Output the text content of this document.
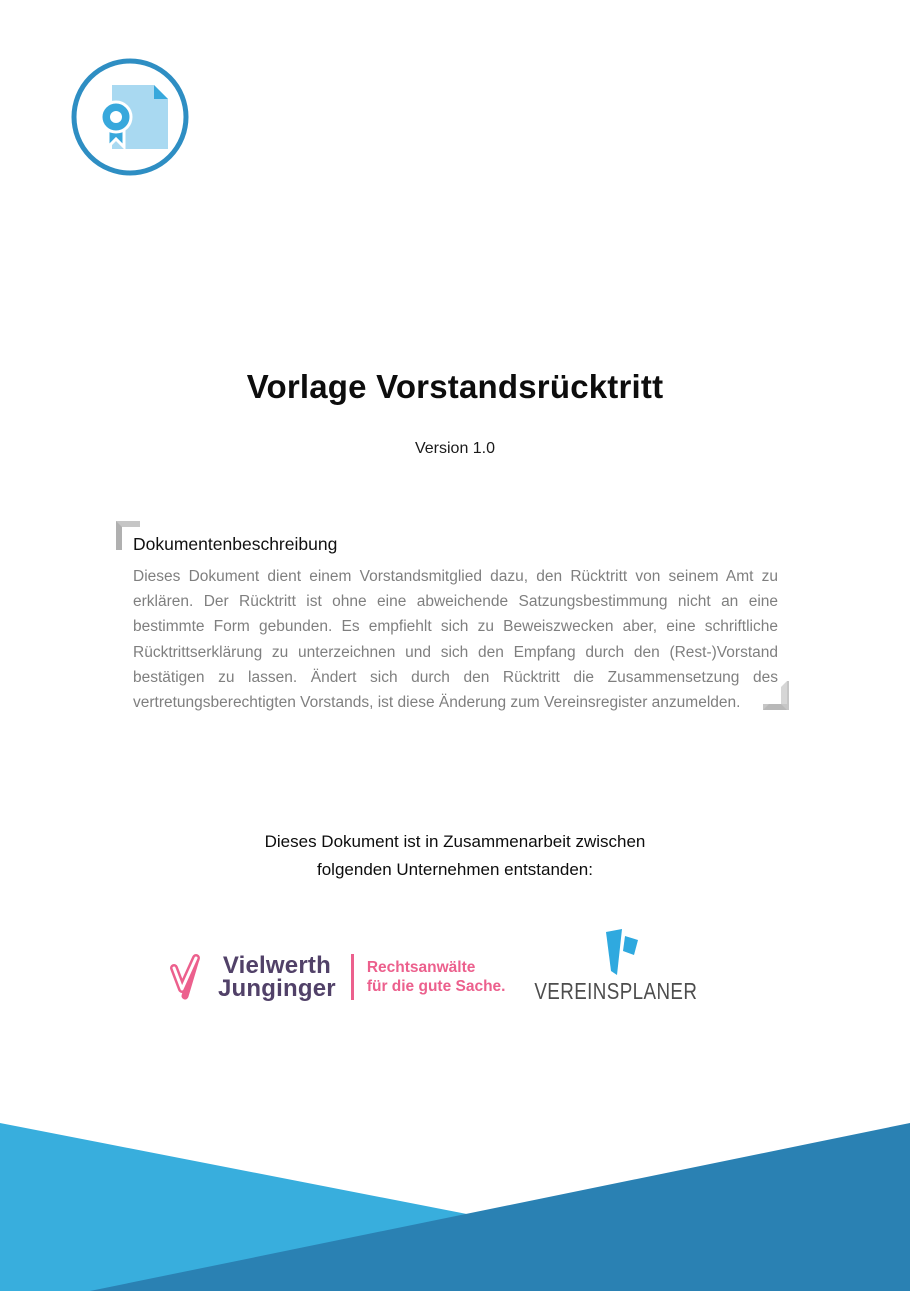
Vorlage Vorstandsrücktritt
Version 1.0
Dokumentenbeschreibung
Dieses Dokument dient einem Vorstandsmitglied dazu, den Rücktritt von seinem Amt zu erklären. Der Rücktritt ist ohne eine abweichende Satzungsbestimmung nicht an eine bestimmte Form gebunden. Es empfiehlt sich zu Beweiszwecken aber, eine schriftliche Rücktrittserklärung zu unterzeichnen und sich den Empfang durch den (Rest-)Vorstand bestätigen zu lassen. Ändert sich durch den Rücktritt die Zusammensetzung des vertretungsberechtigten Vorstands, ist diese Änderung zum Vereinsregister anzumelden.
Dieses Dokument ist in Zusammenarbeit zwischen
folgenden Unternehmen entstanden:
Vielwerth
Junginger
Rechtsanwälte
für die gute Sache. VEREINSPLANER
